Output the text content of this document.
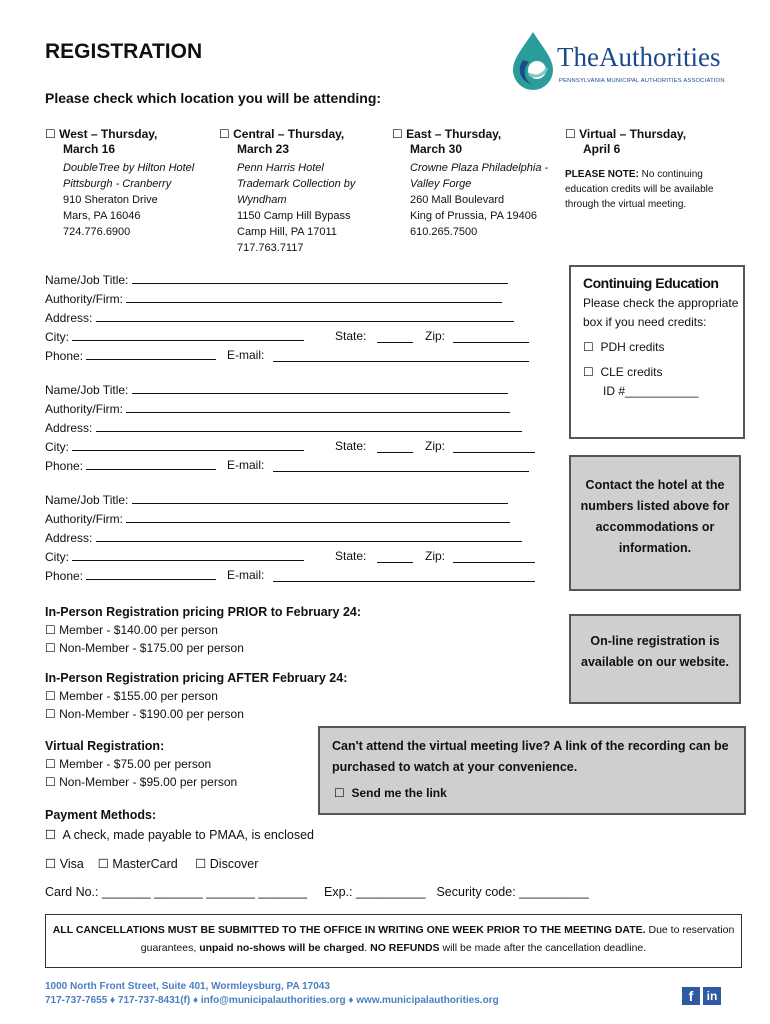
REGISTRATION
Please check which location you will be attending:
TheAuthorities
PENNSYLVANIA MUNICIPAL AUTHORITIES ASSOCIATION
☐ West – Thursday,
March 16
DoubleTree by Hilton Hotel
Pittsburgh - Cranberry
910 Sheraton Drive
Mars, PA 16046
724.776.6900
☐ Central – Thursday,
March 23
Penn Harris Hotel
Trademark Collection by
Wyndham
1150 Camp Hill Bypass
Camp Hill, PA 17011
717.763.7117
☐ East – Thursday,
March 30
Crowne Plaza Philadelphia -
Valley Forge
260 Mall Boulevard
King of Prussia, PA 19406
610.265.7500
☐ Virtual – Thursday,
April 6
PLEASE NOTE: No continuing education credits will be available through the virtual meeting.
Name/Job Title:
Authority/Firm:
Address:
City:	State:	Zip:
Phone:	E-mail:
Name/Job Title:
Authority/Firm:
Address:
City:	State:	Zip:
Phone:	E-mail:
Name/Job Title:
Authority/Firm:
Address:
City:	State:	Zip:
Phone:	E-mail:
Continuing Education
Please check the appropriate box if you need credits:
☐ PDH credits
☐ CLE credits
ID #___________
Contact the hotel at the numbers listed above for accommodations or information.
On-line registration is available on our website.
In-Person Registration pricing PRIOR to February 24:
☐ Member - $140.00 per person
☐ Non-Member - $175.00 per person
In-Person Registration pricing AFTER February 24:
☐ Member - $155.00 per person
☐ Non-Member - $190.00 per person
Virtual Registration:
☐ Member - $75.00 per person
☐ Non-Member - $95.00 per person
Can't attend the virtual meeting live? A link of the recording can be purchased to watch at your convenience.
☐ Send me the link
Payment Methods:
☐ A check, made payable to PMAA, is enclosed
☐ Visa ☐ MasterCard ☐ Discover
Card No.: _______ _______ _______ _______ Exp.: __________ Security code: __________
ALL CANCELLATIONS MUST BE SUBMITTED TO THE OFFICE IN WRITING ONE WEEK PRIOR TO THE MEETING DATE. Due to reservation guarantees, unpaid no-shows will be charged. NO REFUNDS will be made after the cancellation deadline.
1000 North Front Street, Suite 401, Wormleysburg, PA 17043
717-737-7655 ♦ 717-737-8431(f) ♦ info@municipalauthorities.org ♦ www.municipalauthorities.org	f	in
